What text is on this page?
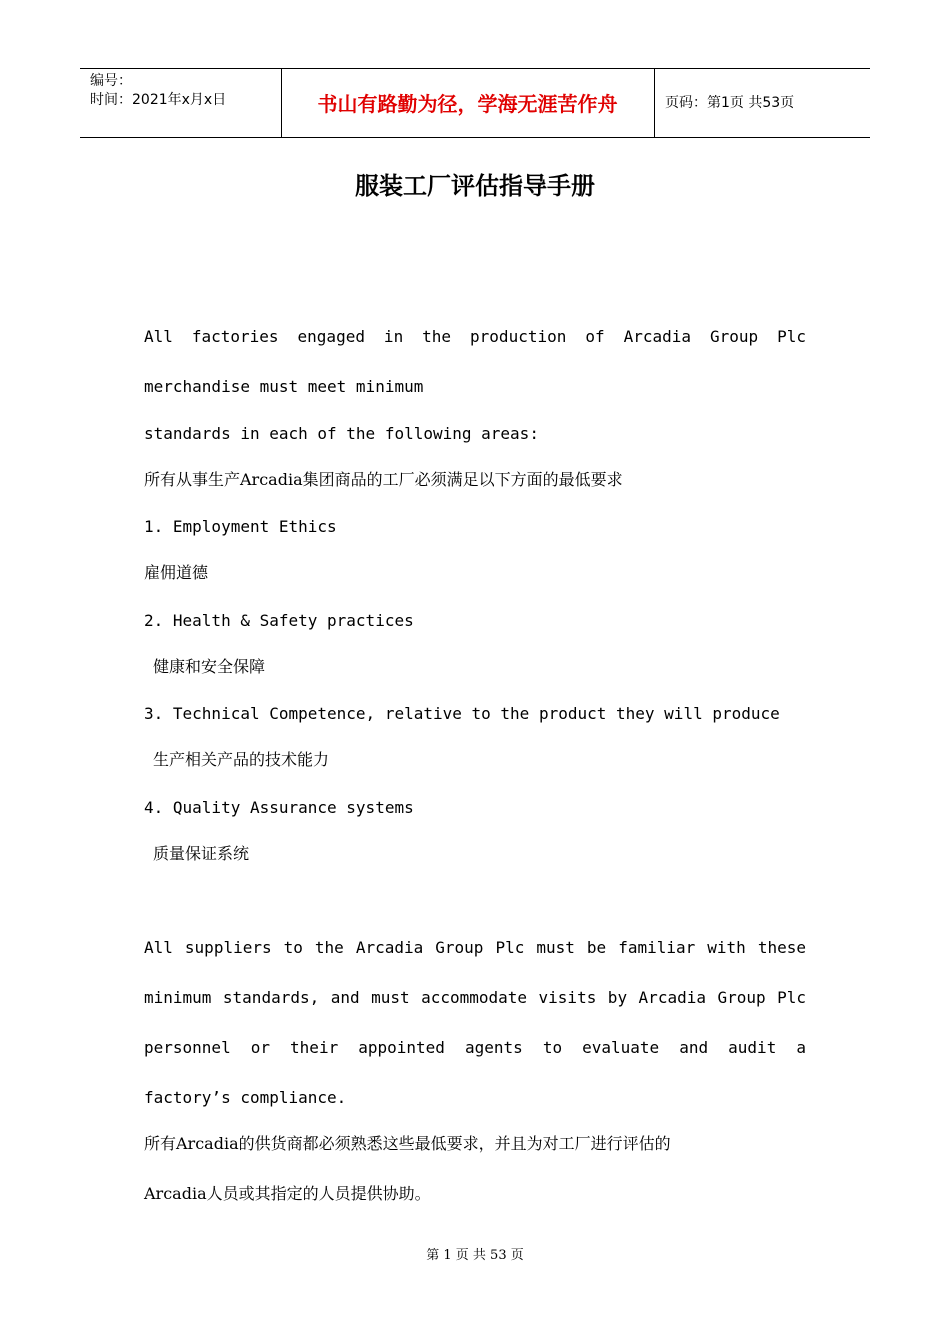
编号：
时间：2021年x月x日	书山有路勤为径，学海无涯苦作舟	页码：第1页 共53页
服装工厂评估指导手册
All factories engaged in the production of Arcadia Group Plc
merchandise must meet minimum
standards in each of the following areas:
所有从事生产Arcadia集团商品的工厂必须满足以下方面的最低要求
1. Employment Ethics
雇佣道德
2. Health & Safety practices
健康和安全保障
3. Technical Competence, relative to the product they will produce
生产相关产品的技术能力
4. Quality Assurance systems
质量保证系统
All suppliers to the Arcadia Group Plc must be familiar with these
minimum standards, and must accommodate visits by Arcadia Group Plc
personnel or their appointed agents to evaluate and audit a
factory’s compliance.
所有Arcadia的供货商都必须熟悉这些最低要求，并且为对工厂进行评估的
Arcadia人员或其指定的人员提供协助。
第 1 页 共 53 页
